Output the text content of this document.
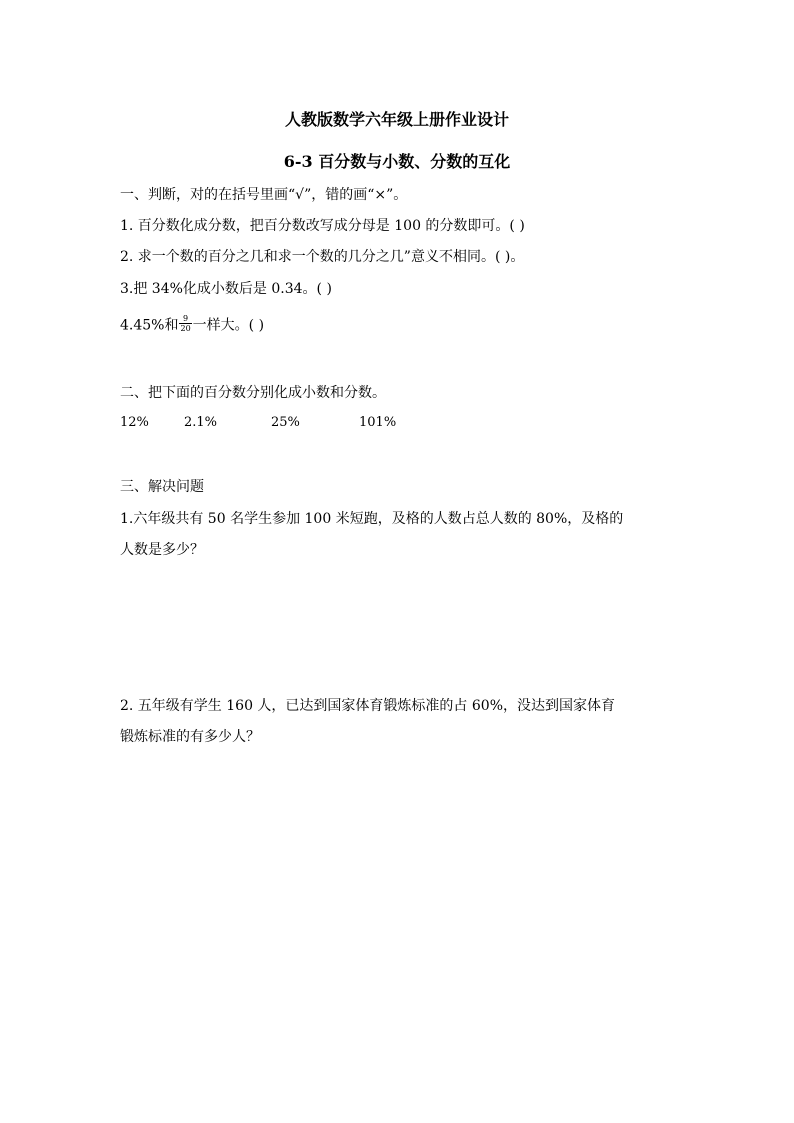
人教版数学六年级上册作业设计
6-3 百分数与小数、分数的互化
一、判断，对的在括号里画“√”，错的画“×”。
1. 百分数化成分数，把百分数改写成分母是 100 的分数即可。( )
2. 求一个数的百分之几和求一个数的几分之几”意义不相同。( )。
3.把 34%化成小数后是 0.34。( )
4.45%和 $\frac{9}{20}$ 一样大。( )
二、把下面的百分数分别化成小数和分数。
12%	2.1%	25%	101%
三、解决问题
1.六年级共有 50 名学生参加 100 米短跑，及格的人数占总人数的 80%，及格的
人数是多少？
2. 五年级有学生 160 人，已达到国家体育锻炼标准的占 60%，没达到国家体育
锻炼标准的有多少人？
